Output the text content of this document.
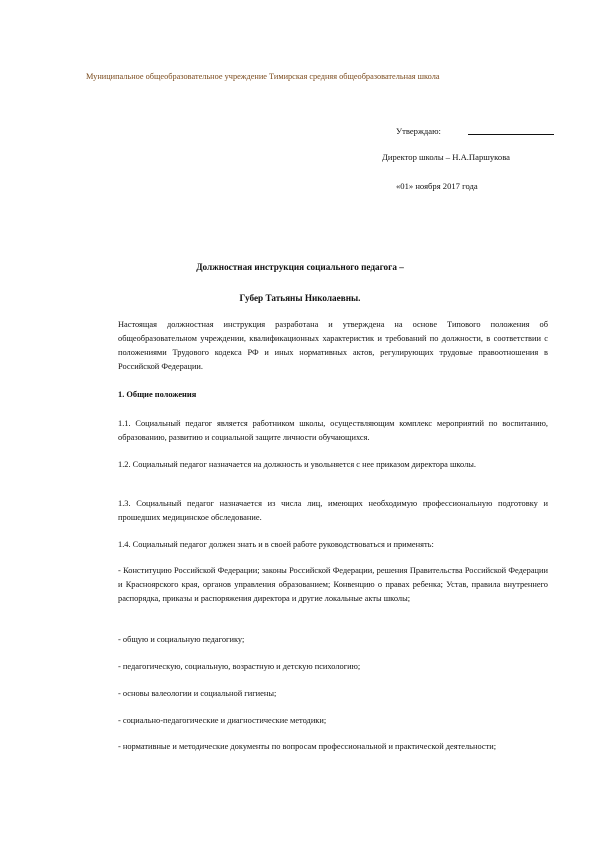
Муниципальное общеобразовательное учреждение Тимирская средняя общеобразовательная школа
Утверждаю:
Директор школы – Н.А.Паршукова
«01» ноября 2017 года
Должностная инструкция социального педагога –
Губер Татьяны Николаевны.
Настоящая должностная инструкция разработана и утверждена на основе Типового положения об общеобразовательном учреждении, квалификационных характеристик и требований по должности, в соответствии с положениями Трудового кодекса РФ и иных нормативных актов, регулирующих трудовые правоотношения в Российской Федерации.
1. Общие положения
1.1. Социальный педагог является работником школы, осуществляющим комплекс мероприятий по воспитанию, образованию, развитию и социальной защите личности обучающихся.
1.2. Социальный педагог назначается на должность и увольняется с нее приказом директора школы.
1.3. Социальный педагог назначается из числа лиц, имеющих необходимую профессиональную подготовку и прошедших медицинское обследование.
1.4. Социальный педагог должен знать и в своей работе руководствоваться и применять:
- Конституцию Российской Федерации; законы Российской Федерации, решения Правительства Российской Федерации и Красноярского края, органов управления образованием; Конвенцию о правах ребенка; Устав, правила внутреннего распорядка, приказы и распоряжения директора и другие локальные акты школы;
- общую и социальную педагогику;
- педагогическую, социальную, возрастную и детскую психологию;
- основы валеологии и социальной гигиены;
- социально-педагогические и диагностические методики;
- нормативные и методические документы по вопросам профессиональной и практической деятельности;
